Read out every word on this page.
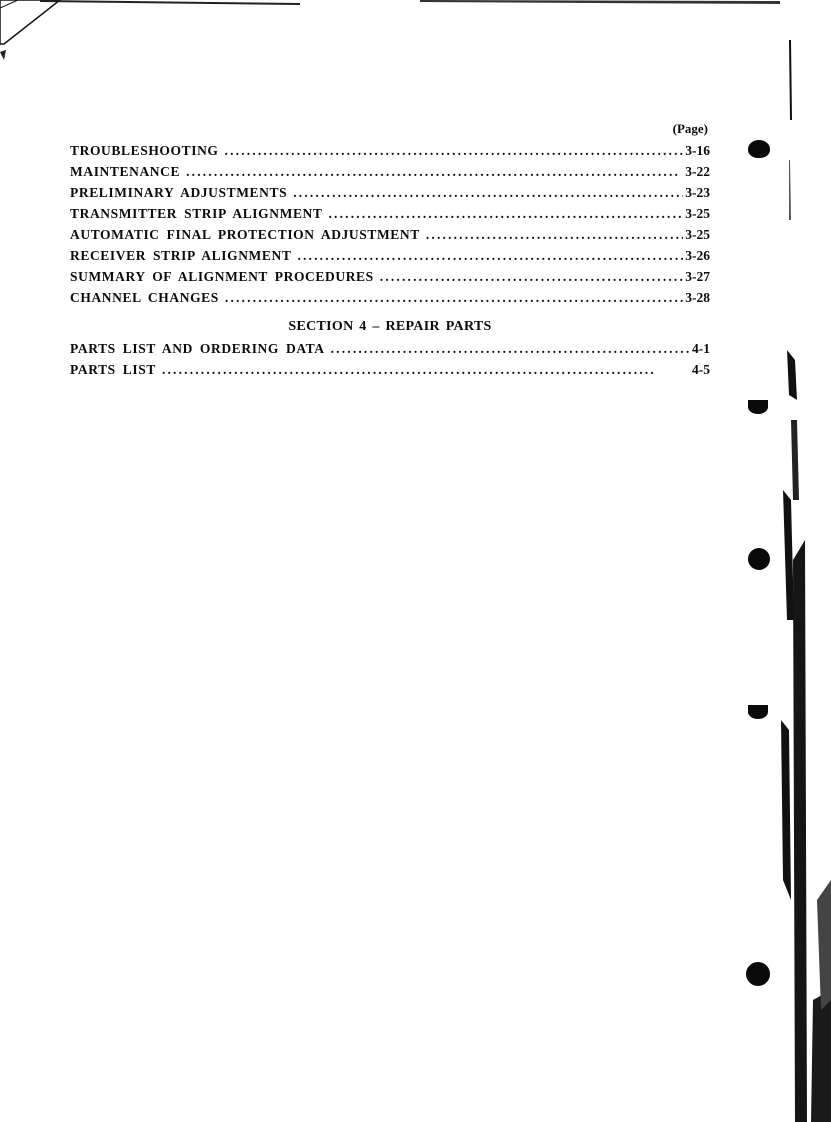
(Page)
TROUBLESHOOTING . . .	3-16
MAINTENANCE . . .	3-22
PRELIMINARY ADJUSTMENTS . . .	3-23
TRANSMITTER STRIP ALIGNMENT . . .	3-25
AUTOMATIC FINAL PROTECTION ADJUSTMENT . . .	3-25
RECEIVER STRIP ALIGNMENT . . .	3-26
SUMMARY OF ALIGNMENT PROCEDURES . . .	3-27
CHANNEL CHANGES . . .	3-28
SECTION 4 – REPAIR PARTS
PARTS LIST AND ORDERING DATA . . .	4-1
PARTS LIST . . .	4-5
